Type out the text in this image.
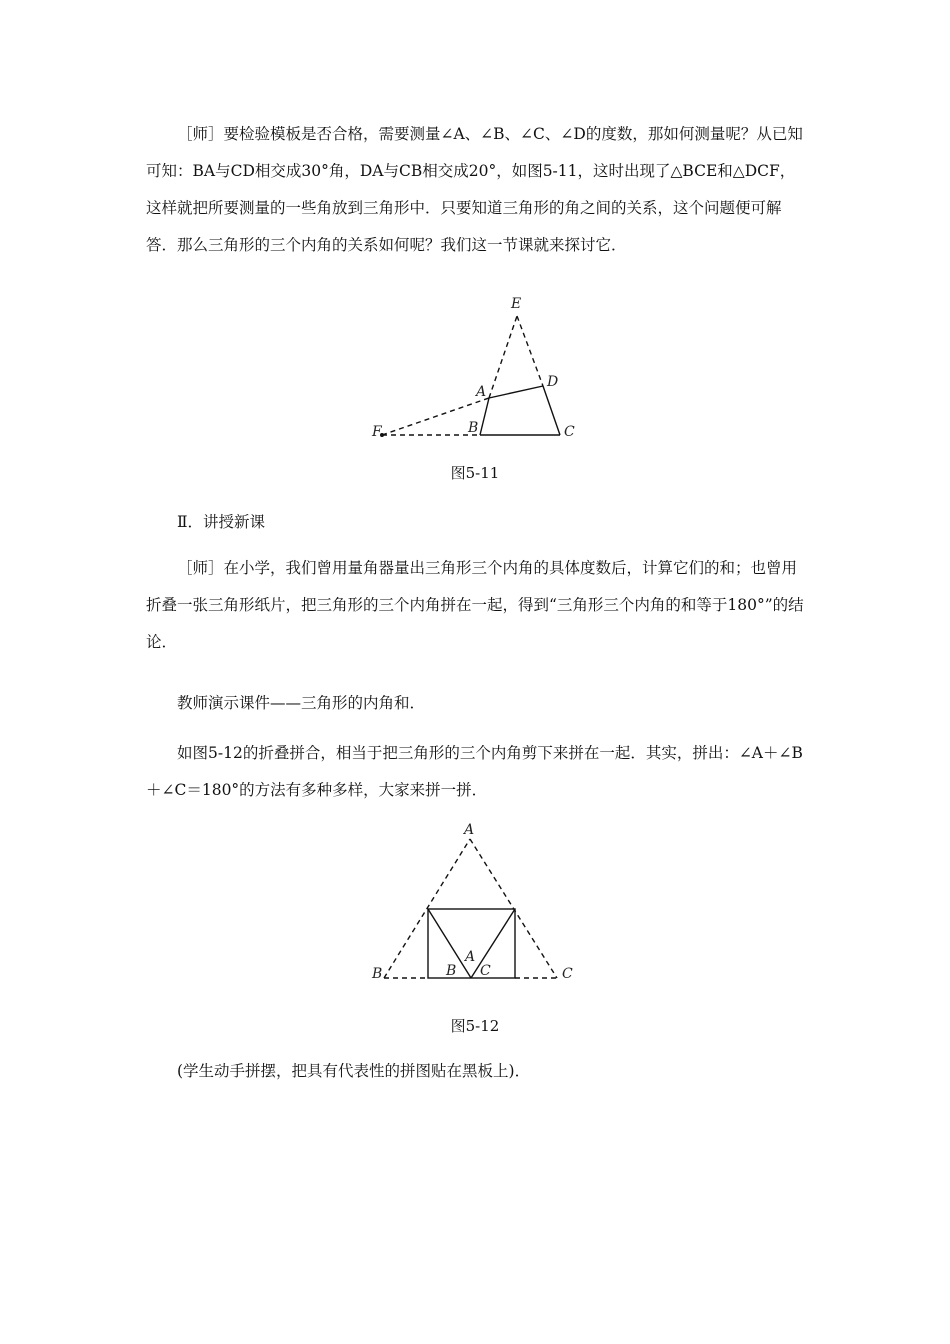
［师］要检验模板是否合格，需要测量∠A、∠B、∠C、∠D的度数，那如何测量呢？从已知可知：BA与CD相交成30°角，DA与CB相交成20°，如图5-11，这时出现了△BCE和△DCF，这样就把所要测量的一些角放到三角形中．只要知道三角形的角之间的关系，这个问题便可解答．那么三角形的三个内角的关系如何呢？我们这一节课就来探讨它．

E
A
D
F	B	C
图5-11

Ⅱ．讲授新课

［师］在小学，我们曾用量角器量出三角形三个内角的具体度数后，计算它们的和；也曾用折叠一张三角形纸片，把三角形的三个内角拼在一起，得到“三角形三个内角的和等于180°”的结论．

教师演示课件——三角形的内角和．

如图5-12的折叠拼合，相当于把三角形的三个内角剪下来拼在一起．其实，拼出：∠A＋∠B＋∠C＝180°的方法有多种多样，大家来拼一拼．

A
B	C
A
B C
图5-12

(学生动手拼摆，把具有代表性的拼图贴在黑板上)．
